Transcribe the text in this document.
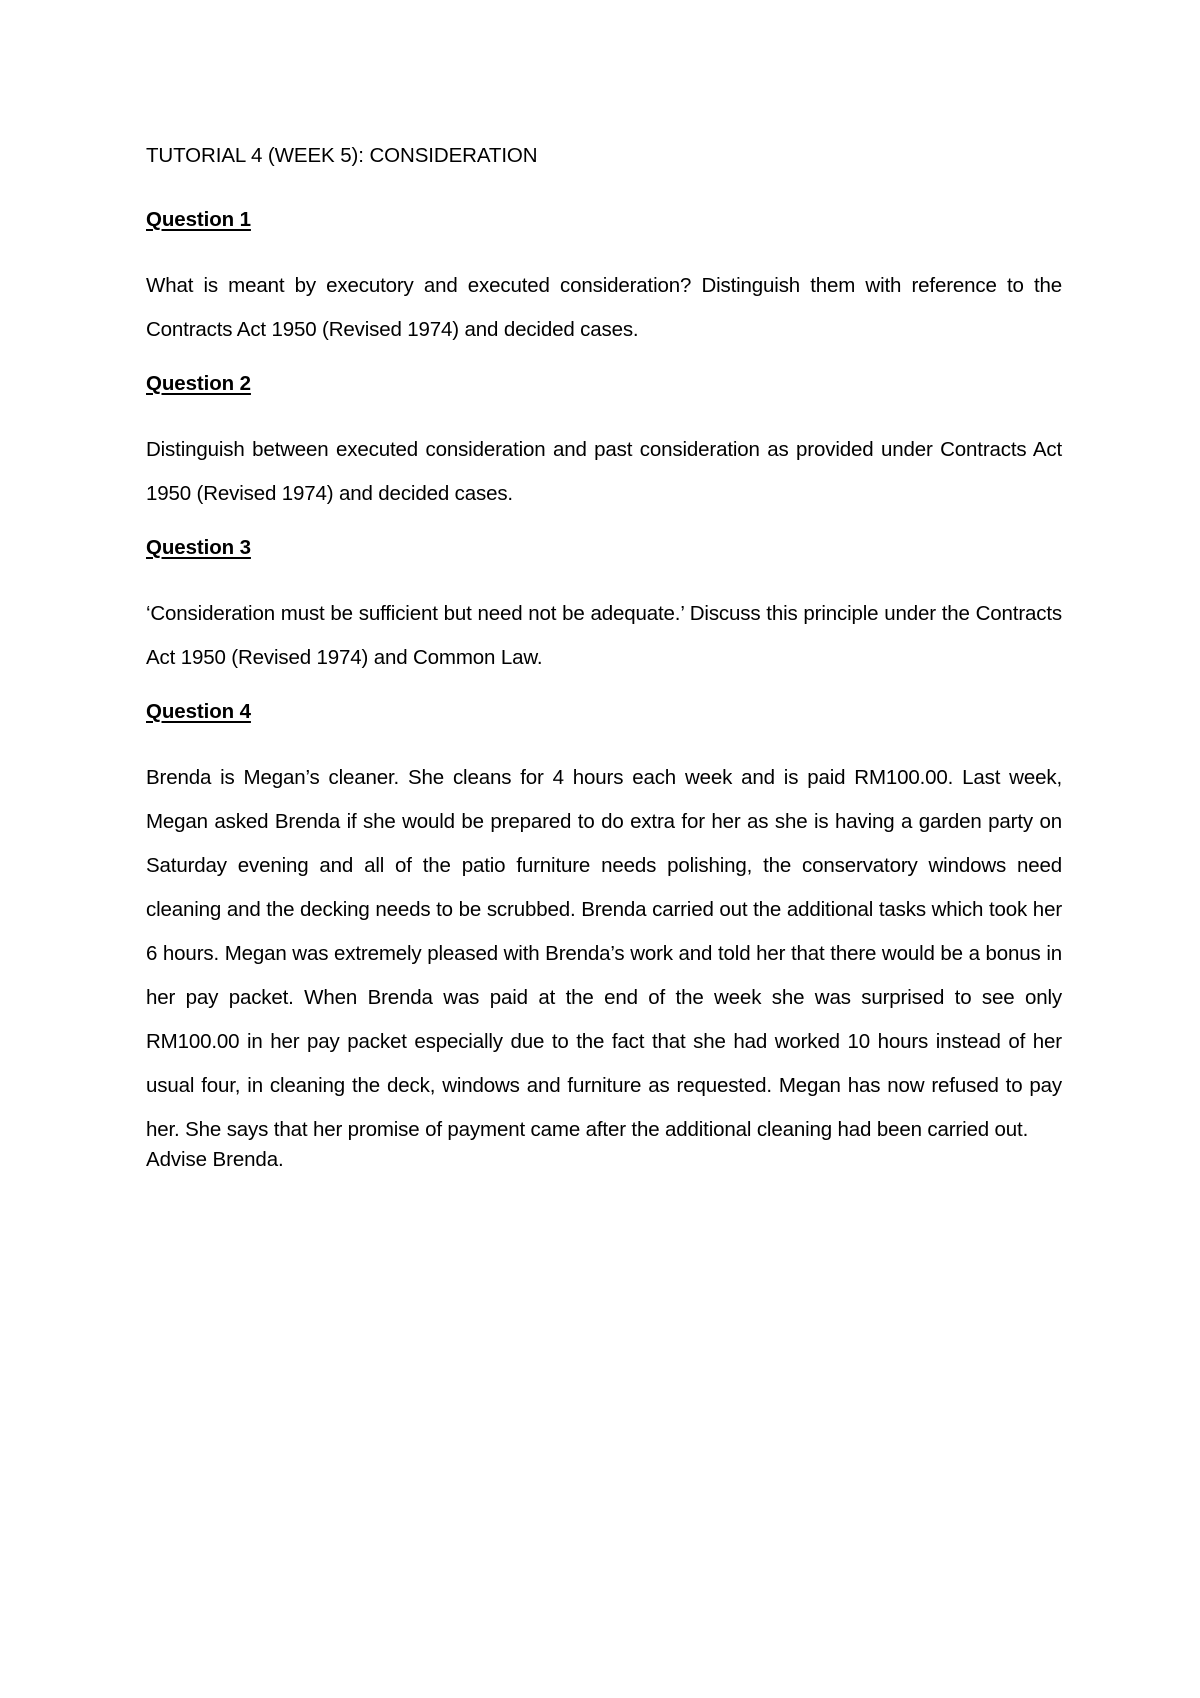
TUTORIAL 4 (WEEK 5): CONSIDERATION

Question 1

What is meant by executory and executed consideration? Distinguish them with reference to the Contracts Act 1950 (Revised 1974) and decided cases.

Question 2

Distinguish between executed consideration and past consideration as provided under Contracts Act 1950 (Revised 1974) and decided cases.

Question 3

‘Consideration must be sufficient but need not be adequate.’ Discuss this principle under the Contracts Act 1950 (Revised 1974) and Common Law.

Question 4

Brenda is Megan’s cleaner. She cleans for 4 hours each week and is paid RM100.00. Last week, Megan asked Brenda if she would be prepared to do extra for her as she is having a garden party on Saturday evening and all of the patio furniture needs polishing, the conservatory windows need cleaning and the decking needs to be scrubbed. Brenda carried out the additional tasks which took her 6 hours. Megan was extremely pleased with Brenda’s work and told her that there would be a bonus in her pay packet. When Brenda was paid at the end of the week she was surprised to see only RM100.00 in her pay packet especially due to the fact that she had worked 10 hours instead of her usual four, in cleaning the deck, windows and furniture as requested. Megan has now refused to pay her. She says that her promise of payment came after the additional cleaning had been carried out.

Advise Brenda.
